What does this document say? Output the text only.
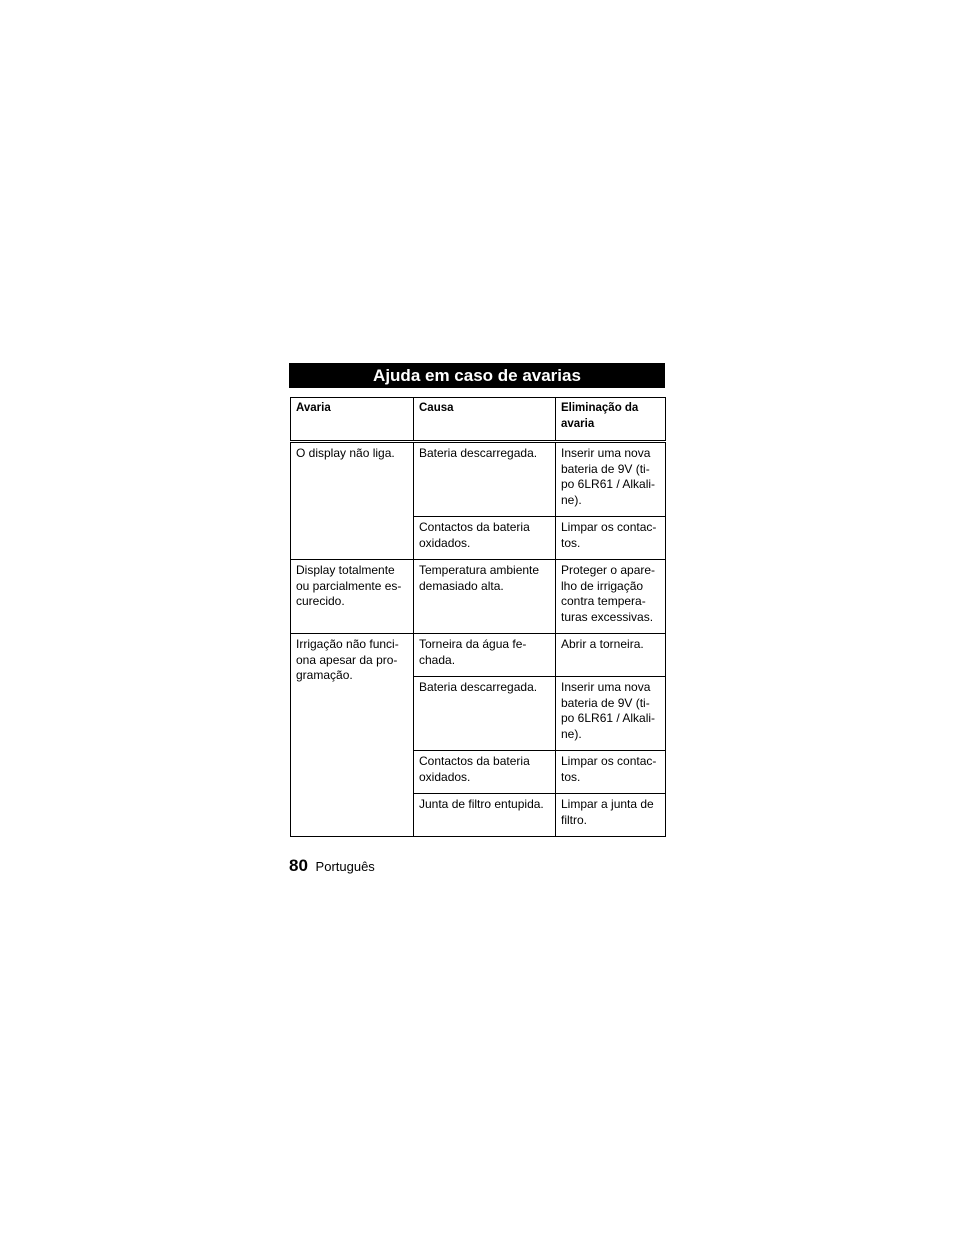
Ajuda em caso de avarias
Avaria	Causa	Eliminação da avaria
O display não liga.	Bateria descarregada.	Inserir uma nova bateria de 9V (ti- po 6LR61 / Alkali- ne).
	Contactos da bateria oxidados.	Limpar os contac- tos.
Display totalmente ou parcialmente es- curecido.	Temperatura ambiente demasiado alta.	Proteger o apare- lho de irrigação contra tempera- turas excessivas.
Irrigação não funci- ona apesar da pro- gramação.	Torneira da água fe- chada.	Abrir a torneira.
	Bateria descarregada.	Inserir uma nova bateria de 9V (ti- po 6LR61 / Alkali- ne).
	Contactos da bateria oxidados.	Limpar os contac- tos.
	Junta de filtro entupida.	Limpar a junta de filtro.
80 Português
